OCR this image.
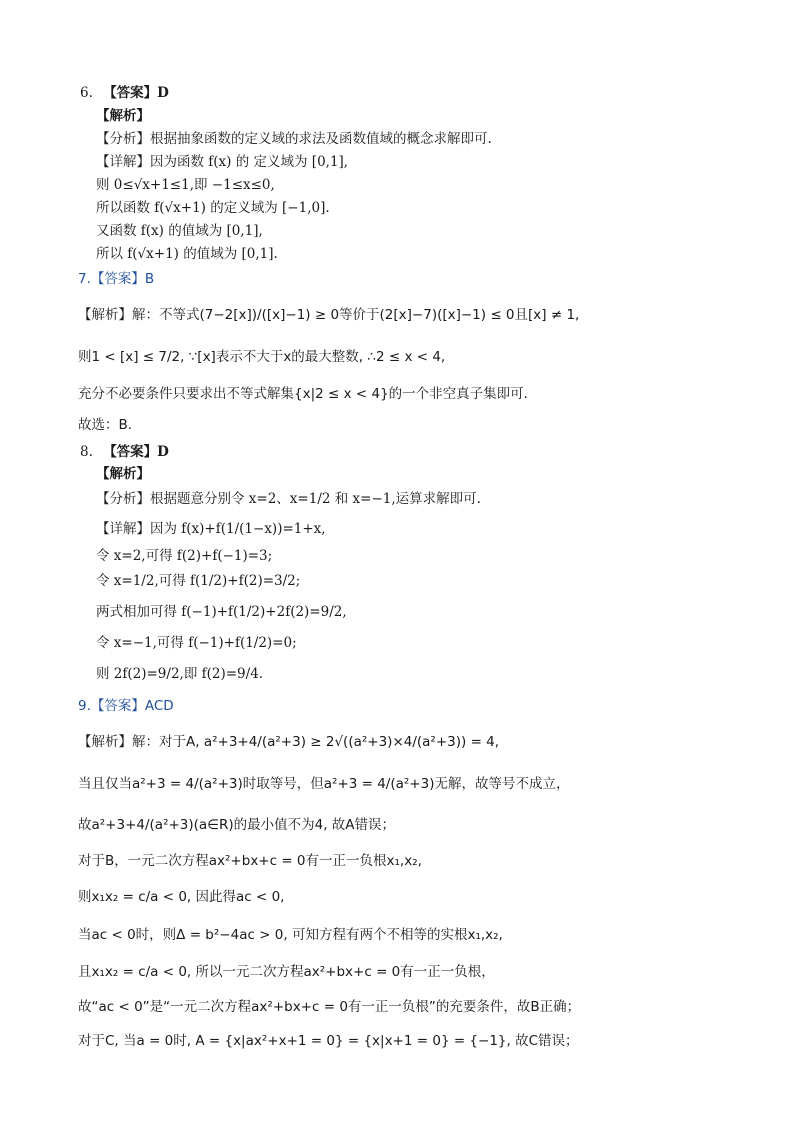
6. 【答案】D
【解析】
【分析】根据抽象函数的定义域的求法及函数值域的概念求解即可.
【详解】因为函数 f(x) 的 定义域为 [0,1],
则 0≤√x+1≤1,即 −1≤x≤0,
所以函数 f(√x+1) 的定义域为 [−1,0].
又函数 f(x) 的值域为 [0,1],
所以 f(√x+1) 的值域为 [0,1].
7.【答案】B
【解析】解：不等式(7−2[x])/([x]−1) ≥ 0等价于(2[x]−7)([x]−1) ≤ 0且[x] ≠ 1,
则1 < [x] ≤ 7/2, ∵[x]表示不大于x的最大整数, ∴2 ≤ x < 4,
充分不必要条件只要求出不等式解集{x|2 ≤ x < 4}的一个非空真子集即可．
故选：B．
8. 【答案】D
【解析】
【分析】根据题意分别令 x=2、x=1/2 和 x=−1,运算求解即可.
【详解】因为 f(x)+f(1/(1−x))=1+x,
令 x=2,可得 f(2)+f(−1)=3;
令 x=1/2,可得 f(1/2)+f(2)=3/2;
两式相加可得 f(−1)+f(1/2)+2f(2)=9/2,
令 x=−1,可得 f(−1)+f(1/2)=0;
则 2f(2)=9/2,即 f(2)=9/4.
9.【答案】ACD
【解析】解：对于A, a²+3+4/(a²+3) ≥ 2√((a²+3)×4/(a²+3)) = 4,
当且仅当a²+3 = 4/(a²+3)时取等号，但a²+3 = 4/(a²+3)无解，故等号不成立，
故a²+3+4/(a²+3)(a∈R)的最小值不为4, 故A错误；
对于B，一元二次方程ax²+bx+c = 0有一正一负根x₁,x₂,
则x₁x₂ = c/a < 0, 因此得ac < 0,
当ac < 0时，则Δ = b²−4ac > 0, 可知方程有两个不相等的实根x₁,x₂,
且x₁x₂ = c/a < 0, 所以一元二次方程ax²+bx+c = 0有一正一负根，
故“ac < 0”是“一元二次方程ax²+bx+c = 0有一正一负根”的充要条件，故B正确；
对于C, 当a = 0时, A = {x|ax²+x+1 = 0} = {x|x+1 = 0} = {−1}, 故C错误；
